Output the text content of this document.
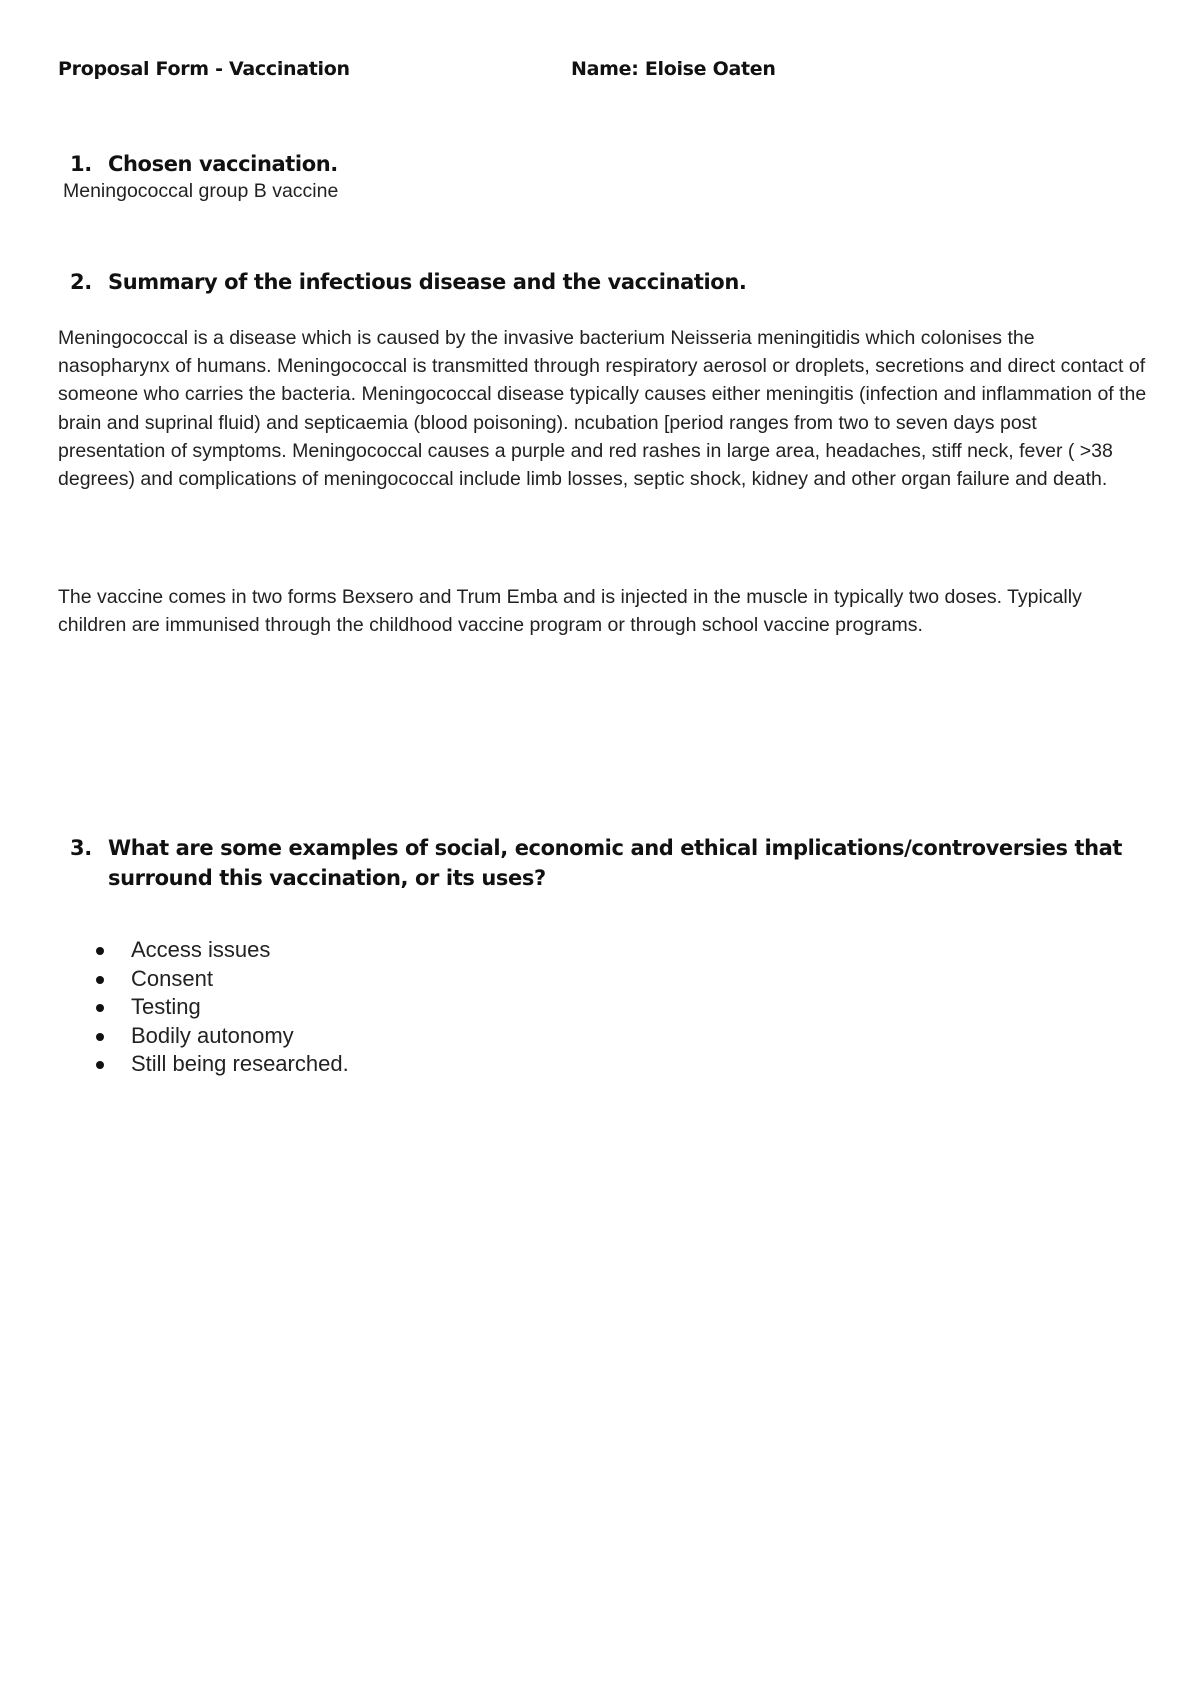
Proposal Form - Vaccination	Name: Eloise Oaten
1. Chosen vaccination.
Meningococcal group B vaccine
2. Summary of the infectious disease and the vaccination.

Meningococcal is a disease which is caused by the invasive bacterium Neisseria meningitidis which colonises the nasopharynx of humans. Meningococcal is transmitted through respiratory aerosol or droplets, secretions and direct contact of someone who carries the bacteria. Meningococcal disease typically causes either meningitis (infection and inflammation of the brain and suprinal fluid) and septicaemia (blood poisoning). ncubation [period ranges from two to seven days post presentation of symptoms. Meningococcal causes a purple and red rashes in large area, headaches, stiff neck, fever ( >38 degrees) and complications of meningococcal include limb losses, septic shock, kidney and other organ failure and death.

The vaccine comes in two forms Bexsero and Trum Emba and is injected in the muscle in typically two doses. Typically children are immunised through the childhood vaccine program or through school vaccine programs.

3. What are some examples of social, economic and ethical implications/controversies that surround this vaccination, or its uses?
Access issues
Consent
Testing
Bodily autonomy
Still being researched.
